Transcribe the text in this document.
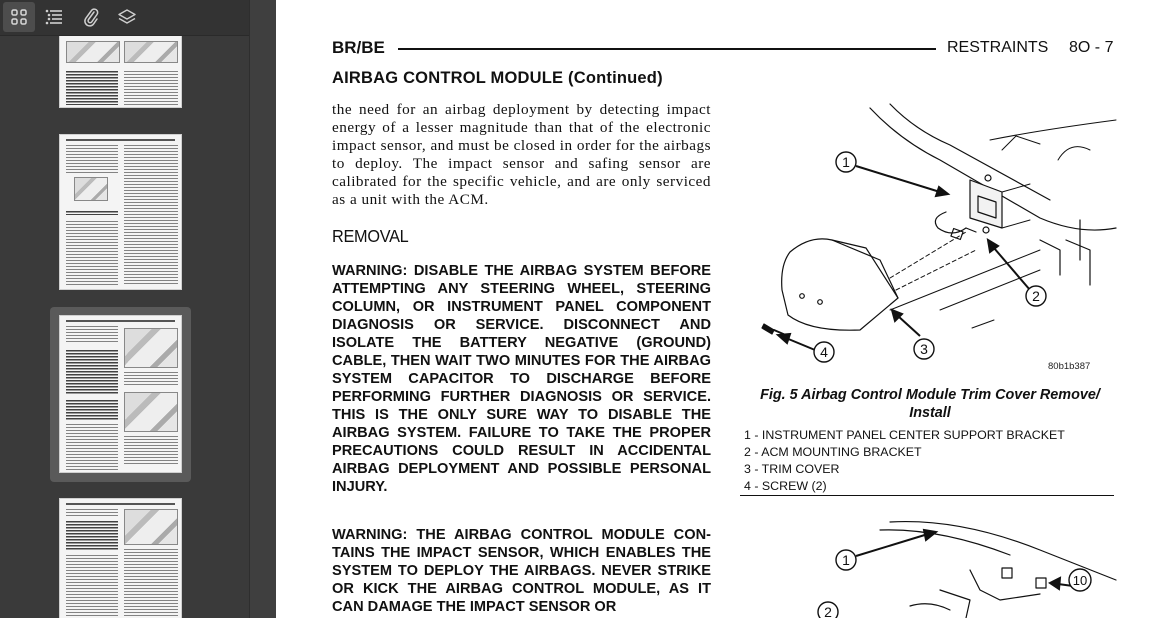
BR/BE	RESTRAINTS 8O - 7
AIRBAG CONTROL MODULE (Continued)

the need for an airbag deployment by detecting impact energy of a lesser magnitude than that of the electronic impact sensor, and must be closed in order for the airbags to deploy. The impact sensor and safing sensor are calibrated for the specific vehicle, and are only serviced as a unit with the ACM.

REMOVAL

WARNING: DISABLE THE AIRBAG SYSTEM BEFORE ATTEMPTING ANY STEERING WHEEL, STEERING COLUMN, OR INSTRUMENT PANEL COMPONENT DIAGNOSIS OR SERVICE. DISCONNECT AND ISOLATE THE BATTERY NEGATIVE (GROUND) CABLE, THEN WAIT TWO MINUTES FOR THE AIRBAG SYSTEM CAPACITOR TO DISCHARGE BEFORE PERFORMING FURTHER DIAGNOSIS OR SERVICE. THIS IS THE ONLY SURE WAY TO DISABLE THE AIRBAG SYSTEM. FAILURE TO TAKE THE PROPER PRECAUTIONS COULD RESULT IN ACCIDENTAL AIRBAG DEPLOYMENT AND POSSIBLE PERSONAL INJURY.

WARNING: THE AIRBAG CONTROL MODULE CONTAINS THE IMPACT SENSOR, WHICH ENABLES THE SYSTEM TO DEPLOY THE AIRBAGS. NEVER STRIKE OR KICK THE AIRBAG CONTROL MODULE, AS IT CAN DAMAGE THE IMPACT SENSOR OR

1
2
3
4
80b1b387
Fig. 5 Airbag Control Module Trim Cover Remove/ Install
1 - INSTRUMENT PANEL CENTER SUPPORT BRACKET
2 - ACM MOUNTING BRACKET
3 - TRIM COVER
4 - SCREW (2)
1
10
2
